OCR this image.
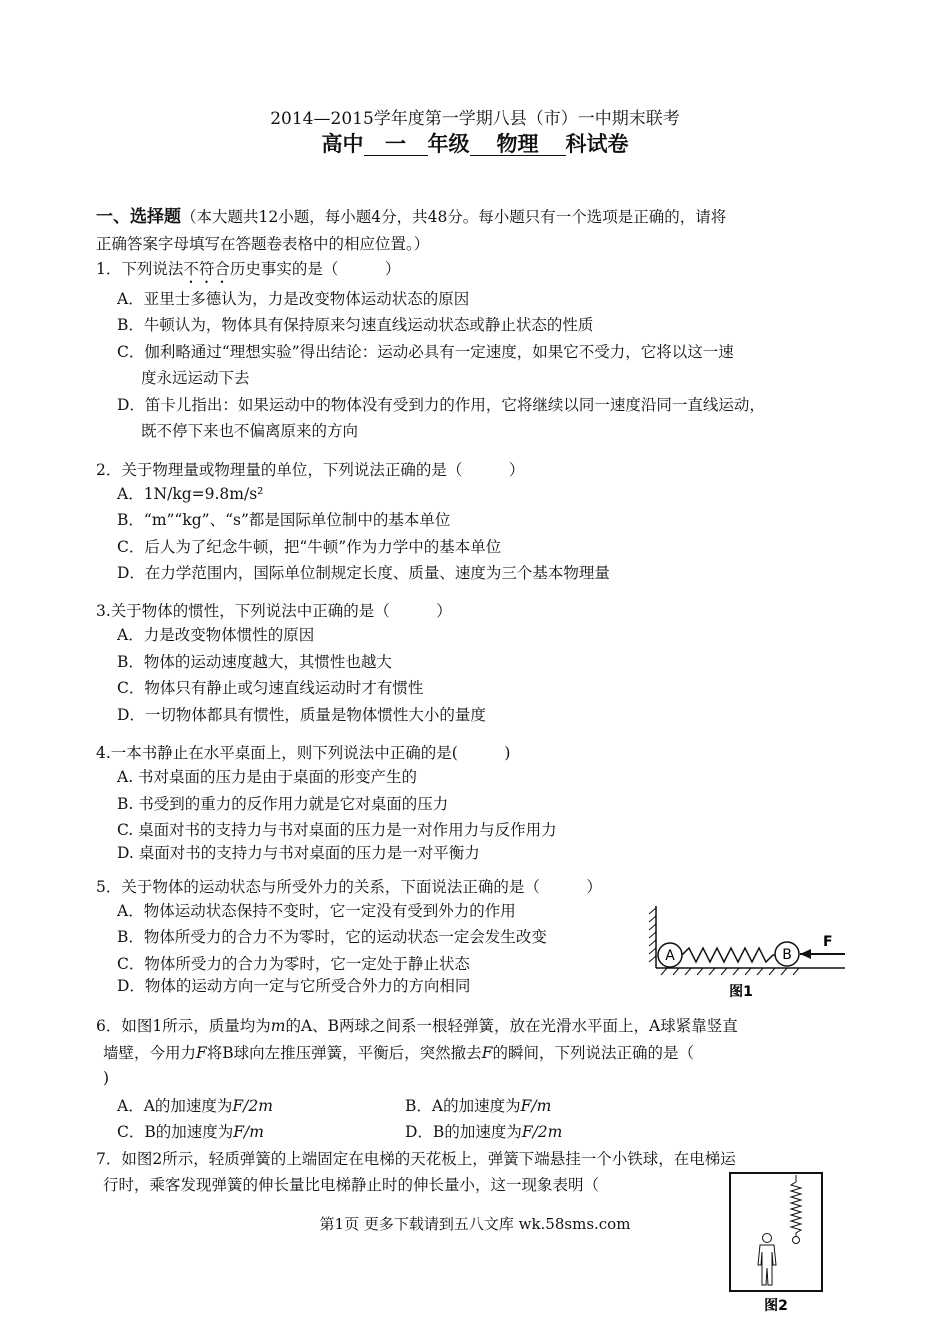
2014—2015学年度第一学期八县（市）一中期末联考
高中 一 年级 物理 科试卷
一、选择题（本大题共12小题，每小题4分，共48分。每小题只有一个选项是正确的，请将
正确答案字母填写在答题卷表格中的相应位置。）
1．下列说法不符合历史事实的是（　　　）
A．亚里士多德认为，力是改变物体运动状态的原因
B．牛顿认为，物体具有保持原来匀速直线运动状态或静止状态的性质
C．伽利略通过“理想实验”得出结论：运动必具有一定速度，如果它不受力，它将以这一速
度永远运动下去
D．笛卡儿指出：如果运动中的物体没有受到力的作用，它将继续以同一速度沿同一直线运动，
既不停下来也不偏离原来的方向
2．关于物理量或物理量的单位，下列说法正确的是（　　　）
A．1N/kg=9.8m/s²
B．“m”“kg”、“s”都是国际单位制中的基本单位
C．后人为了纪念牛顿，把“牛顿”作为力学中的基本单位
D．在力学范围内，国际单位制规定长度、质量、速度为三个基本物理量
3.关于物体的惯性，下列说法中正确的是（　　　）
A．力是改变物体惯性的原因
B．物体的运动速度越大，其惯性也越大
C．物体只有静止或匀速直线运动时才有惯性
D．一切物体都具有惯性，质量是物体惯性大小的量度
4.一本书静止在水平桌面上，则下列说法中正确的是(　　　)
A. 书对桌面的压力是由于桌面的形变产生的
B. 书受到的重力的反作用力就是它对桌面的压力
C. 桌面对书的支持力与书对桌面的压力是一对作用力与反作用力
D. 桌面对书的支持力与书对桌面的压力是一对平衡力
5．关于物体的运动状态与所受外力的关系，下面说法正确的是（　　　）
A．物体运动状态保持不变时，它一定没有受到外力的作用
B．物体所受力的合力不为零时，它的运动状态一定会发生改变
C．物体所受力的合力为零时，它一定处于静止状态
D．物体的运动方向一定与它所受合外力的方向相同
A	B
F
图1
6．如图1所示，质量均为m的A、B两球之间系一根轻弹簧，放在光滑水平面上，A球紧靠竖直
墙壁，今用力F将B球向左推压弹簧，平衡后，突然撤去F的瞬间，下列说法正确的是（
)
A．A的加速度为F/2m	B．A的加速度为F/m
C．B的加速度为F/m	D．B的加速度为F/2m
7．如图2所示，轻质弹簧的上端固定在电梯的天花板上，弹簧下端悬挂一个小铁球，在电梯运
行时，乘客发现弹簧的伸长量比电梯静止时的伸长量小，这一现象表明（
第1页 更多下载请到五八文库 wk.58sms.com
图2
